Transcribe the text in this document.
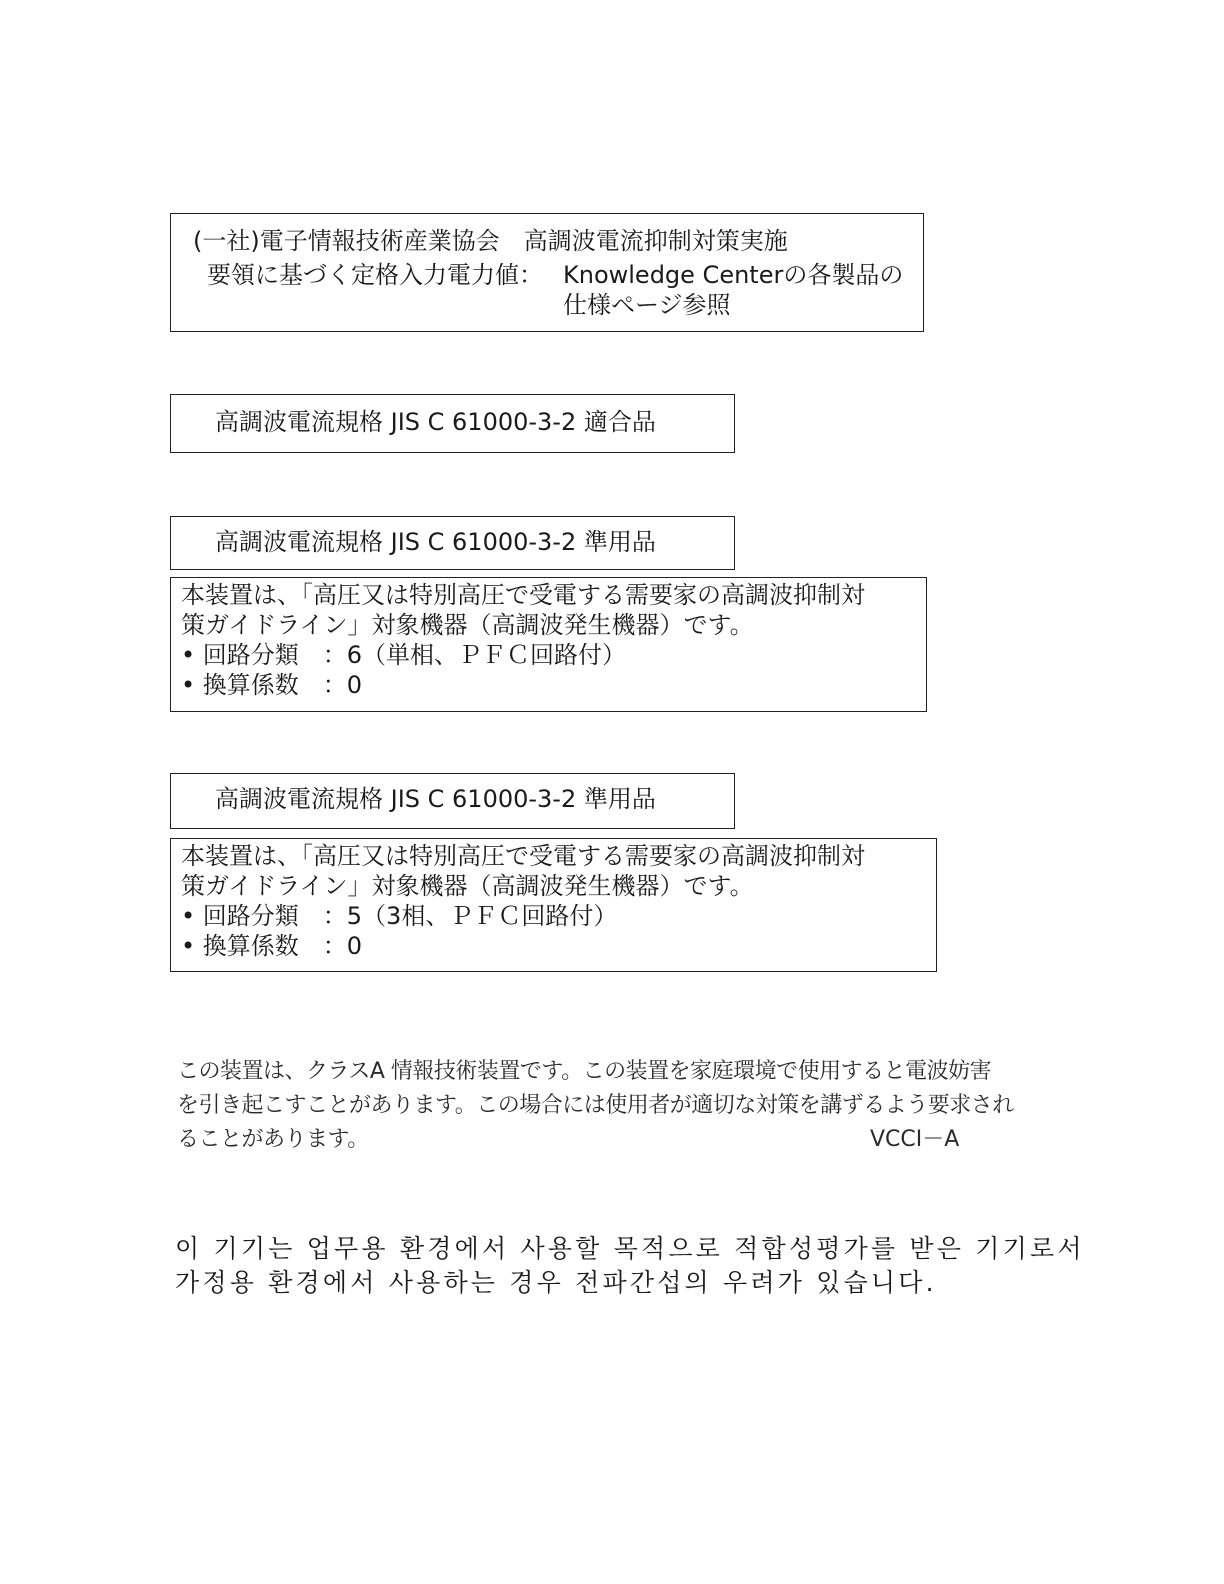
(一社)電子情報技術産業協会　高調波電流抑制対策実施
要領に基づく定格入力電力値： Knowledge Centerの各製品の
仕様ページ参照
高調波電流規格 JIS C 61000-3-2 適合品
高調波電流規格 JIS C 61000-3-2 準用品
本装置は、「高圧又は特別高圧で受電する需要家の高調波抑制対
策ガイドライン」対象機器（高調波発生機器）です。
• 回路分類　：6（単相、ＰＦＣ回路付）
• 換算係数　：0
高調波電流規格 JIS C 61000-3-2 準用品
本装置は、「高圧又は特別高圧で受電する需要家の高調波抑制対
策ガイドライン」対象機器（高調波発生機器）です。
• 回路分類　：5（3相、ＰＦＣ回路付）
• 換算係数　：0
この装置は、クラスA 情報技術装置です。この装置を家庭環境で使用すると電波妨害
を引き起こすことがあります。この場合には使用者が適切な対策を講ずるよう要求され
ることがあります。	VCCI－A
이 기기는 업무용 환경에서 사용할 목적으로 적합성평가를 받은 기기로서
가정용 환경에서 사용하는 경우 전파간섭의 우려가 있습니다.
